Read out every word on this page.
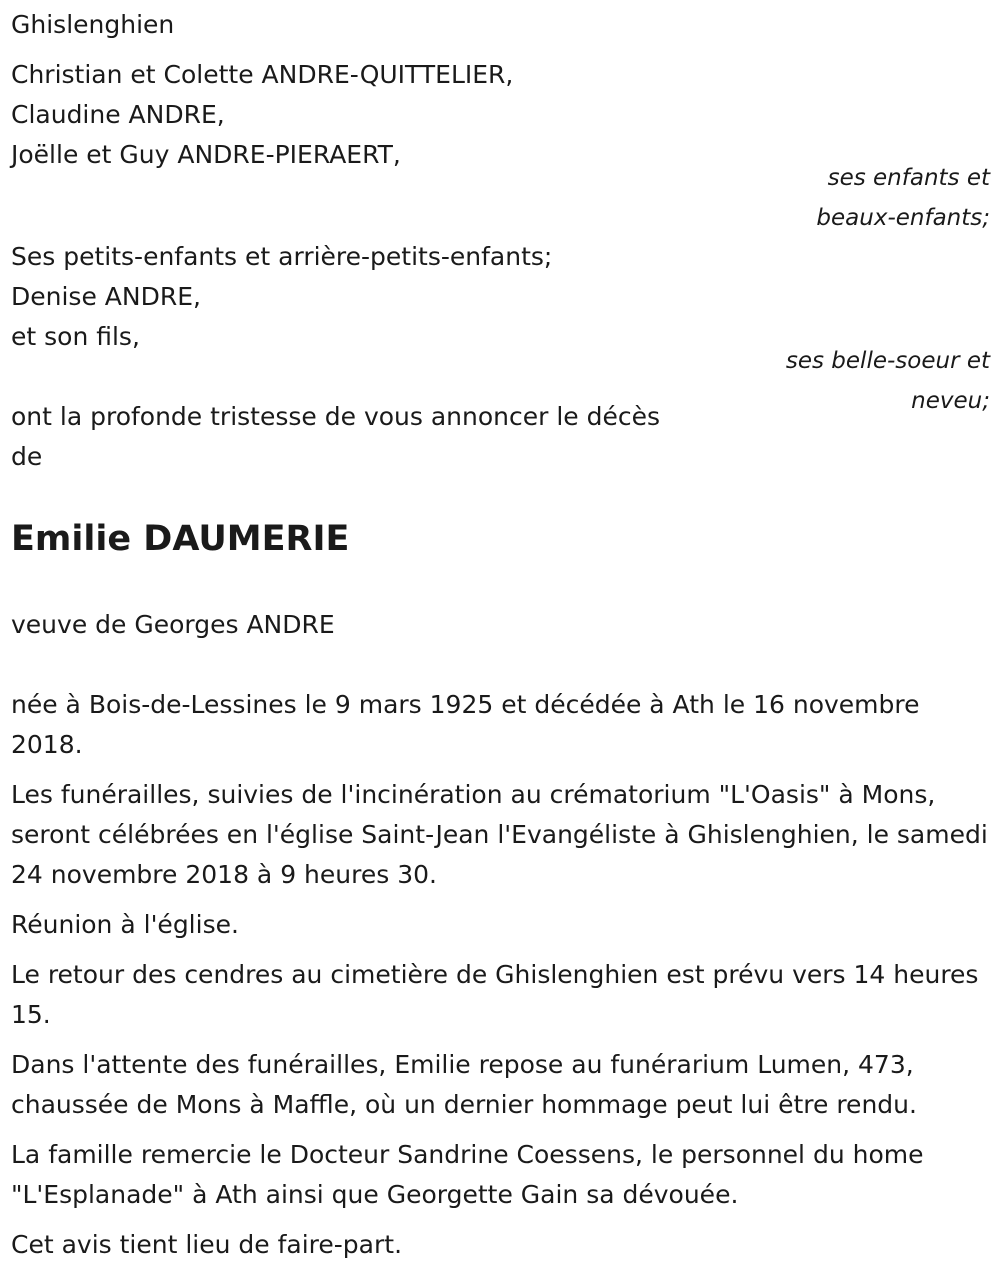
Ghislenghien
Christian et Colette ANDRE-QUITTELIER,
Claudine ANDRE,
Joëlle et Guy ANDRE-PIERAERT,
ses enfants et
beaux-enfants;
Ses petits-enfants et arrière-petits-enfants;
Denise ANDRE,
et son fils,
ses belle-soeur et
neveu;
ont la profonde tristesse de vous annoncer le décès
de
Emilie DAUMERIE
veuve de Georges ANDRE
née à Bois-de-Lessines le 9 mars 1925 et décédée à Ath le 16 novembre 2018.
Les funérailles, suivies de l'incinération au crématorium "L'Oasis" à Mons, seront célébrées en l'église Saint-Jean l'Evangéliste à Ghislenghien, le samedi 24 novembre 2018 à 9 heures 30.
Réunion à l'église.
Le retour des cendres au cimetière de Ghislenghien est prévu vers 14 heures 15.
Dans l'attente des funérailles, Emilie repose au funérarium Lumen, 473, chaussée de Mons à Maffle, où un dernier hommage peut lui être rendu.
La famille remercie le Docteur Sandrine Coessens, le personnel du home "L'Esplanade" à Ath ainsi que Georgette Gain sa dévouée.
Cet avis tient lieu de faire-part.
